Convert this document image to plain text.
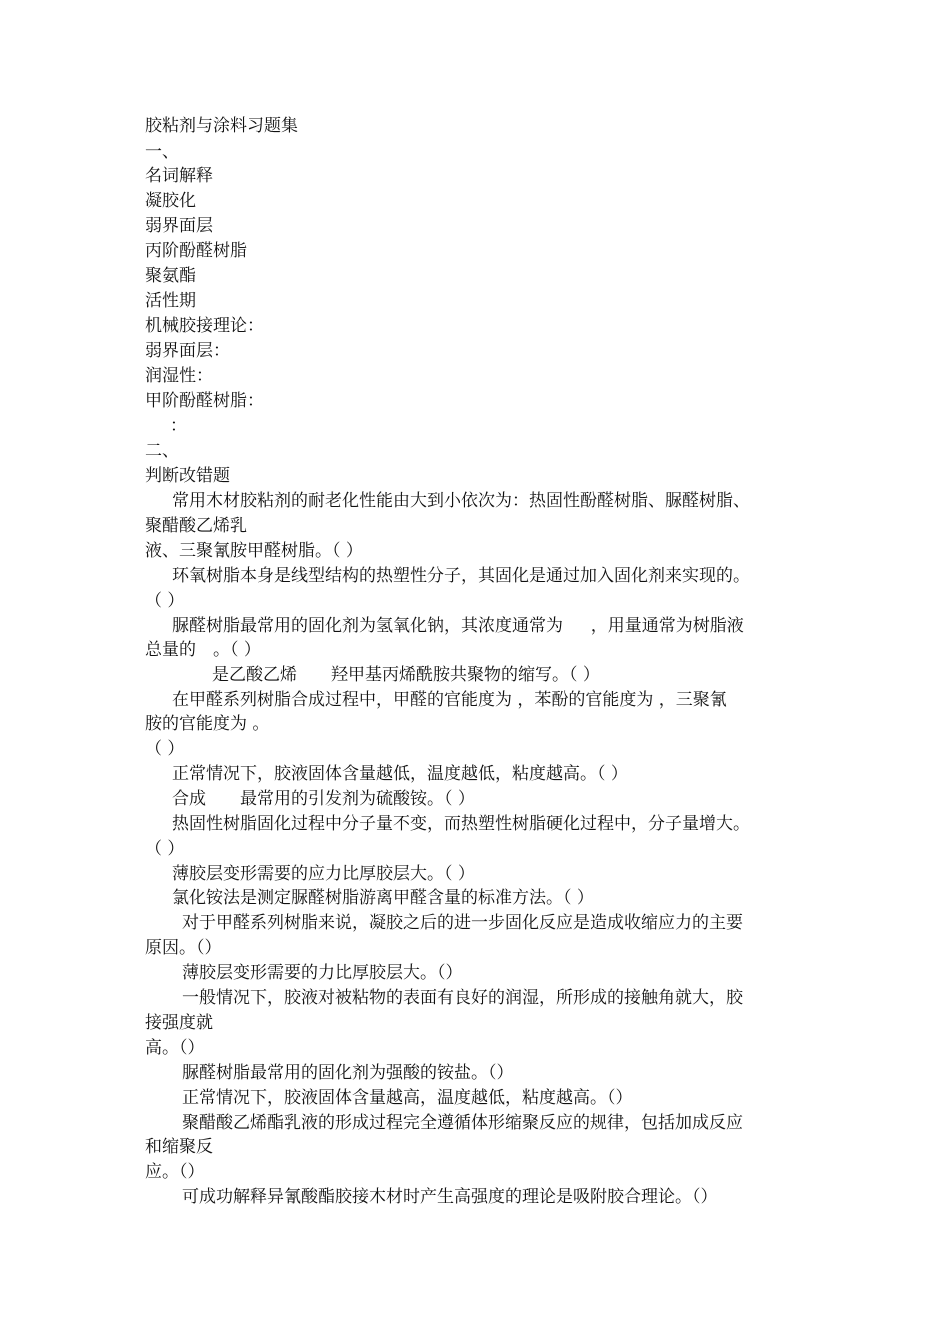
胶粘剂与涂料习题集
一、
名词解释
凝胶化
弱界面层
丙阶酚醛树脂
聚氨酯
活性期
机械胶接理论：
弱界面层：
润湿性：
甲阶酚醛树脂：
：
二、
判断改错题
常用木材胶粘剂的耐老化性能由大到小依次为：热固性酚醛树脂、脲醛树脂、
聚醋酸乙烯乳
液、三聚氰胺甲醛树脂。（ ）
环氧树脂本身是线型结构的热塑性分子，其固化是通过加入固化剂来实现的。
（ ）
脲醛树脂最常用的固化剂为氢氧化钠，其浓度通常为　  ，用量通常为树脂液
总量的　。（ ）
是乙酸乙烯　　羟甲基丙烯酰胺共聚物的缩写。（ ）
在甲醛系列树脂合成过程中，甲醛的官能度为 ，苯酚的官能度为 ，三聚氰
胺的官能度为 。
（ ）
正常情况下，胶液固体含量越低，温度越低，粘度越高。（ ）
合成　　最常用的引发剂为硫酸铵。（ ）
热固性树脂固化过程中分子量不变，而热塑性树脂硬化过程中，分子量增大。
（ ）
薄胶层变形需要的应力比厚胶层大。（ ）
氯化铵法是测定脲醛树脂游离甲醛含量的标准方法。（ ）
对于甲醛系列树脂来说，凝胶之后的进一步固化反应是造成收缩应力的主要
原因。（）
薄胶层变形需要的力比厚胶层大。（）
一般情况下，胶液对被粘物的表面有良好的润湿，所形成的接触角就大，胶
接强度就
高。（）
脲醛树脂最常用的固化剂为强酸的铵盐。（）
正常情况下，胶液固体含量越高，温度越低，粘度越高。（）
聚醋酸乙烯酯乳液的形成过程完全遵循体形缩聚反应的规律，包括加成反应
和缩聚反
应。（）
可成功解释异氰酸酯胶接木材时产生高强度的理论是吸附胶合理论。（）
